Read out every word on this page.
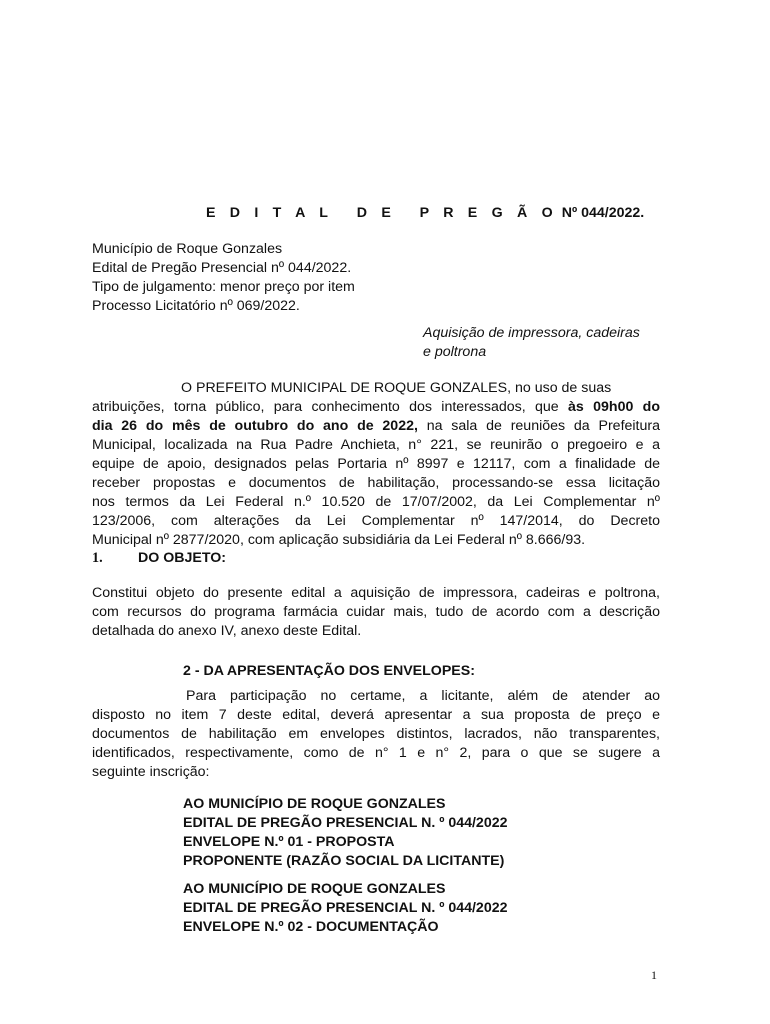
E D I T A L D E P R E G Ã O Nº 044/2022.
Município de Roque Gonzales
Edital de Pregão Presencial nº 044/2022.
Tipo de julgamento: menor preço por item
Processo Licitatório nº 069/2022.
Aquisição de impressora, cadeiras
e poltrona
O PREFEITO MUNICIPAL DE ROQUE GONZALES, no uso de suas
atribuições, torna público, para conhecimento dos interessados, que às 09h00 do
dia 26 do mês de outubro do ano de 2022, na sala de reuniões da Prefeitura
Municipal, localizada na Rua Padre Anchieta, n° 221, se reunirão o pregoeiro e a
equipe de apoio, designados pelas Portaria nº 8997 e 12117, com a finalidade de
receber propostas e documentos de habilitação, processando-se essa licitação
nos termos da Lei Federal n.º 10.520 de 17/07/2002, da Lei Complementar nº
123/2006, com alterações da Lei Complementar nº 147/2014, do Decreto
Municipal nº 2877/2020, com aplicação subsidiária da Lei Federal nº 8.666/93.
1. DO OBJETO:
Constitui objeto do presente edital a aquisição de impressora, cadeiras e poltrona,
com recursos do programa farmácia cuidar mais, tudo de acordo com a descrição
detalhada do anexo IV, anexo deste Edital.
2 - DA APRESENTAÇÃO DOS ENVELOPES:
Para participação no certame, a licitante, além de atender ao
disposto no item 7 deste edital, deverá apresentar a sua proposta de preço e
documentos de habilitação em envelopes distintos, lacrados, não transparentes,
identificados, respectivamente, como de n° 1 e n° 2, para o que se sugere a
seguinte inscrição:
AO MUNICÍPIO DE ROQUE GONZALES
EDITAL DE PREGÃO PRESENCIAL N. º 044/2022
ENVELOPE N.º 01 - PROPOSTA
PROPONENTE (RAZÃO SOCIAL DA LICITANTE)
AO MUNICÍPIO DE ROQUE GONZALES
EDITAL DE PREGÃO PRESENCIAL N. º 044/2022
ENVELOPE N.º 02 - DOCUMENTAÇÃO
1
